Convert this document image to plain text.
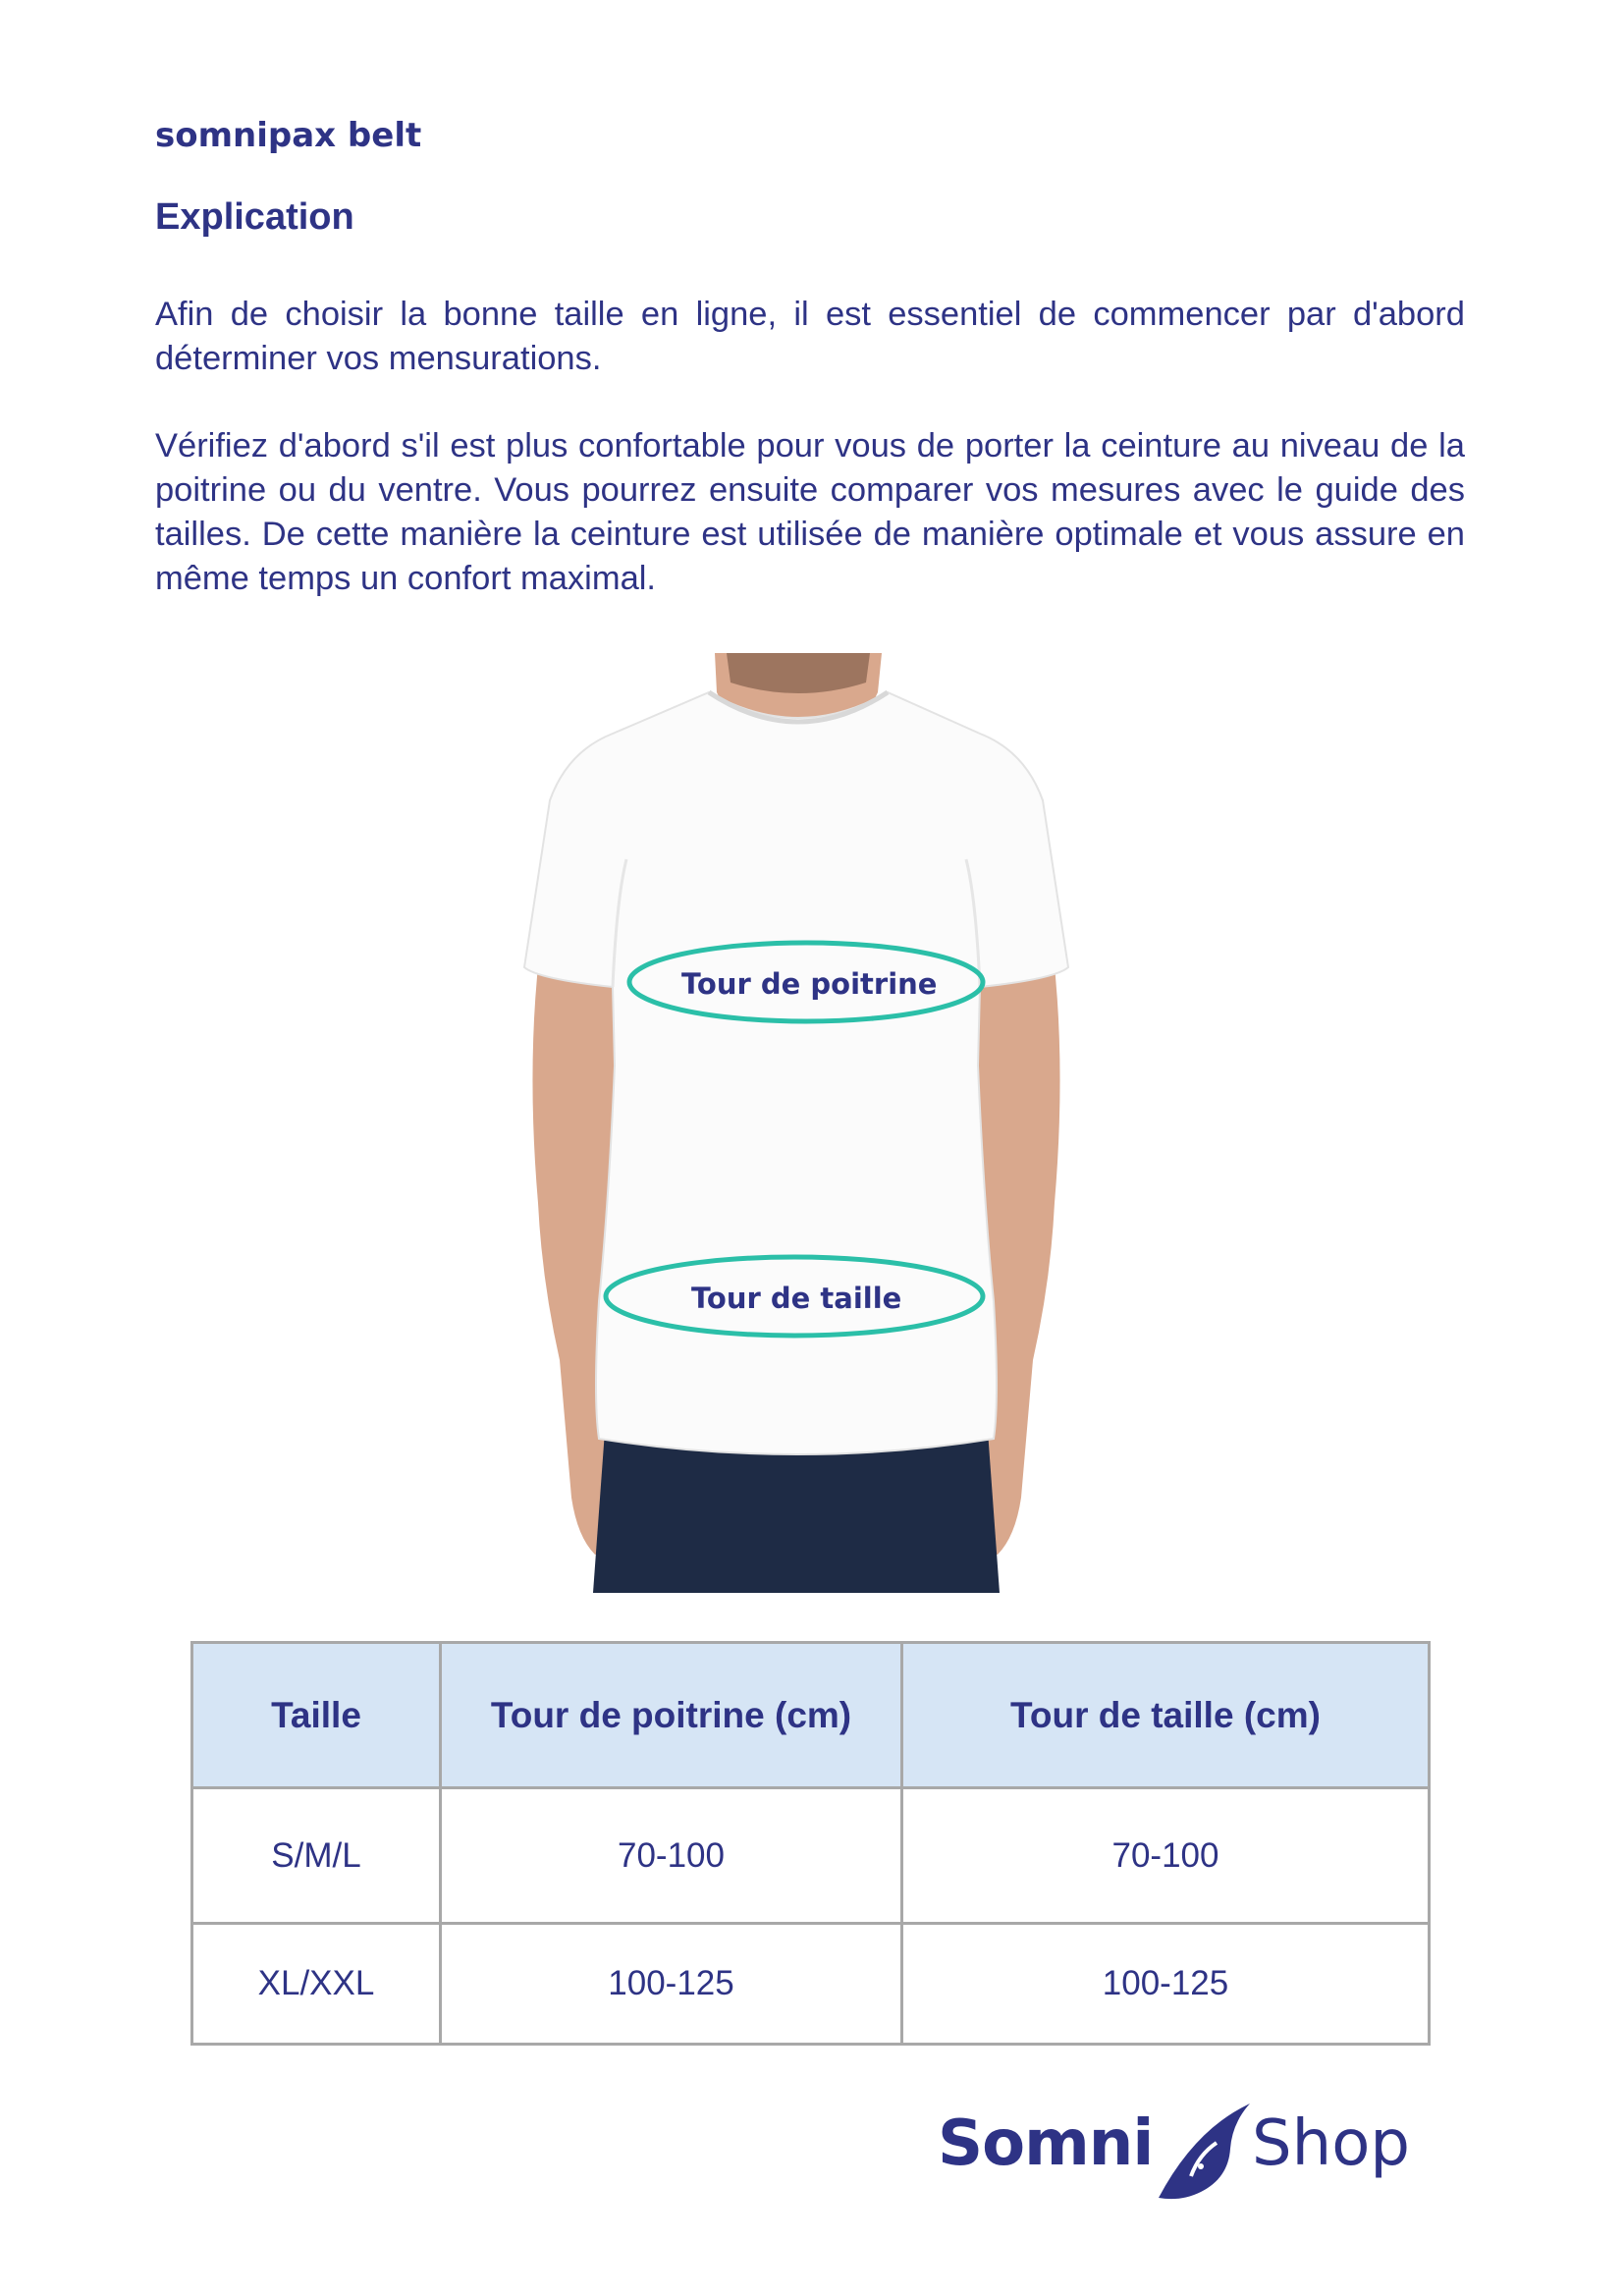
somnipax belt
Explication

Afin de choisir la bonne taille en ligne, il est essentiel de commencer par d'abord déterminer vos mensurations.

Vérifiez d'abord s'il est plus confortable pour vous de porter la ceinture au niveau de la poitrine ou du ventre. Vous pourrez ensuite comparer vos mesures avec le guide des tailles. De cette manière la ceinture est utilisée de manière optimale et vous assure en même temps un confort maximal.

Tour de poitrine
Tour de taille
Taille	Tour de poitrine (cm)	Tour de taille (cm)
S/M/L	70-100	70-100
XL/XXL	100-125	100-125
Somni Shop
